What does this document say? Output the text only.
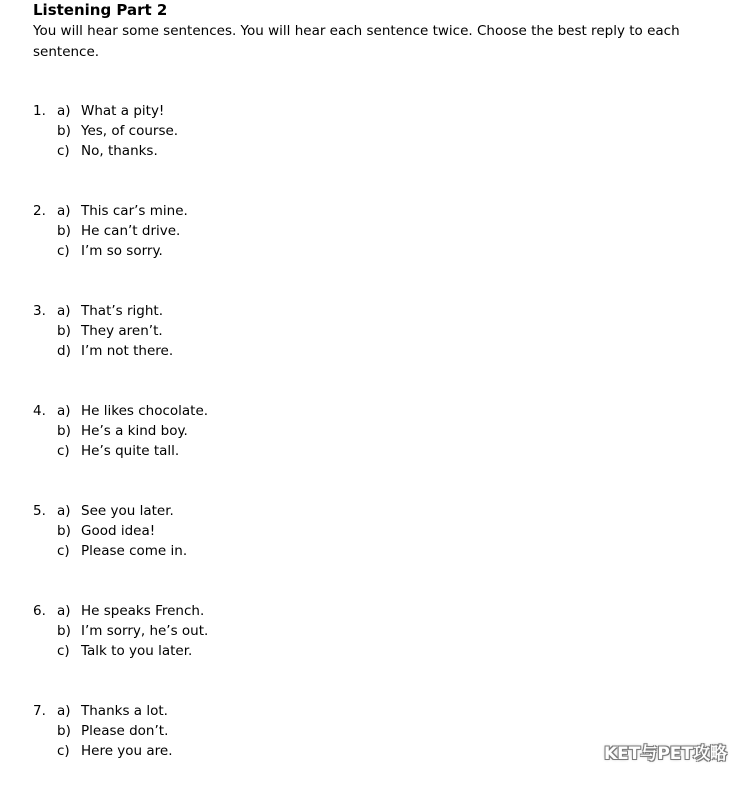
Listening Part 2

You will hear some sentences. You will hear each sentence twice. Choose the best reply to each sentence.

1. a) What a pity!
b) Yes, of course.
c) No, thanks.
2. a) This car’s mine.
b) He can’t drive.
c) I’m so sorry.
3. a) That’s right.
b) They aren’t.
d) I’m not there.
4. a) He likes chocolate.
b) He’s a kind boy.
c) He’s quite tall.
5. a) See you later.
b) Good idea!
c) Please come in.
6. a) He speaks French.
b) I’m sorry, he’s out.
c) Talk to you later.
7. a) Thanks a lot.
b) Please don’t.
c) Here you are.	KET与PET攻略
